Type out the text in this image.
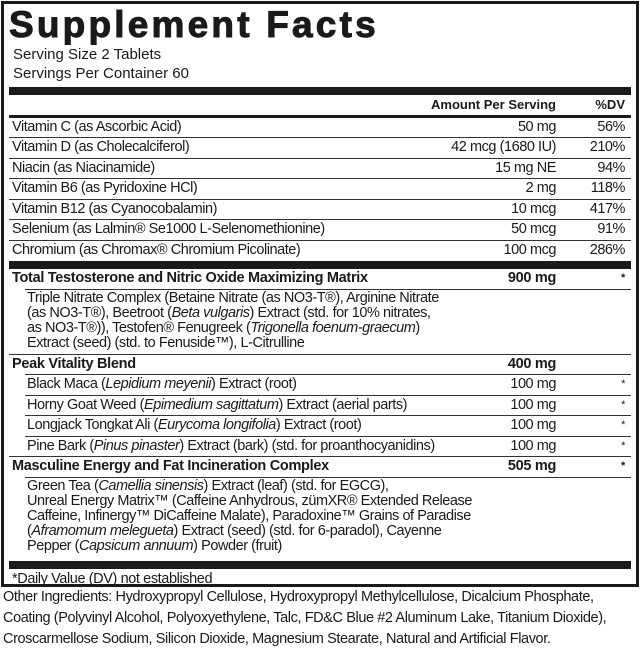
Supplement Facts
Serving Size 2 Tablets
Servings Per Container 60
Amount Per Serving	%DV
Vitamin C (as Ascorbic Acid)	50 mg	56%
Vitamin D (as Cholecalciferol)	42 mcg (1680 IU) 210%
Niacin (as Niacinamide)	15 mg NE	94%
Vitamin B6 (as Pyridoxine HCl)	2 mg 118%
Vitamin B12 (as Cyanocobalamin)	10 mcg 417%
Selenium (as Lalmin® Se1000 L-Selenomethionine)	50 mcg	91%
Chromium (as Chromax® Chromium Picolinate)	100 mcg 286%
Total Testosterone and Nitric Oxide Maximizing Matrix	900 mg	*
Triple Nitrate Complex (Betaine Nitrate (as NO3-T®), Arginine Nitrate
(as NO3-T®), Beetroot (Beta vulgaris) Extract (std. for 10% nitrates,
as NO3-T®)), Testofen® Fenugreek (Trigonella foenum-graecum)
Extract (seed) (std. to Fenuside™), L-Citrulline
Peak Vitality Blend	400 mg
Black Maca (Lepidium meyenii) Extract (root)	100 mg	*
Horny Goat Weed (Epimedium sagittatum) Extract (aerial parts)	100 mg	*
Longjack Tongkat Ali (Eurycoma longifolia) Extract (root)	100 mg	*
Pine Bark (Pinus pinaster) Extract (bark) (std. for proanthocyanidins)	100 mg	*
Masculine Energy and Fat Incineration Complex	505 mg	*
Green Tea (Camellia sinensis) Extract (leaf) (std. for EGCG),
Unreal Energy Matrix™ (Caffeine Anhydrous, zümXR® Extended Release
Caffeine, Infinergy™ DiCaffeine Malate), Paradoxine™ Grains of Paradise
(Aframomum melegueta) Extract (seed) (std. for 6-paradol), Cayenne
Pepper (Capsicum annuum) Powder (fruit)
*Daily Value (DV) not established
Other Ingredients: Hydroxypropyl Cellulose, Hydroxypropyl Methylcellulose, Dicalcium Phosphate,
Coating (Polyvinyl Alcohol, Polyoxyethylene, Talc, FD&C Blue #2 Aluminum Lake, Titanium Dioxide),
Croscarmellose Sodium, Silicon Dioxide, Magnesium Stearate, Natural and Artificial Flavor.
